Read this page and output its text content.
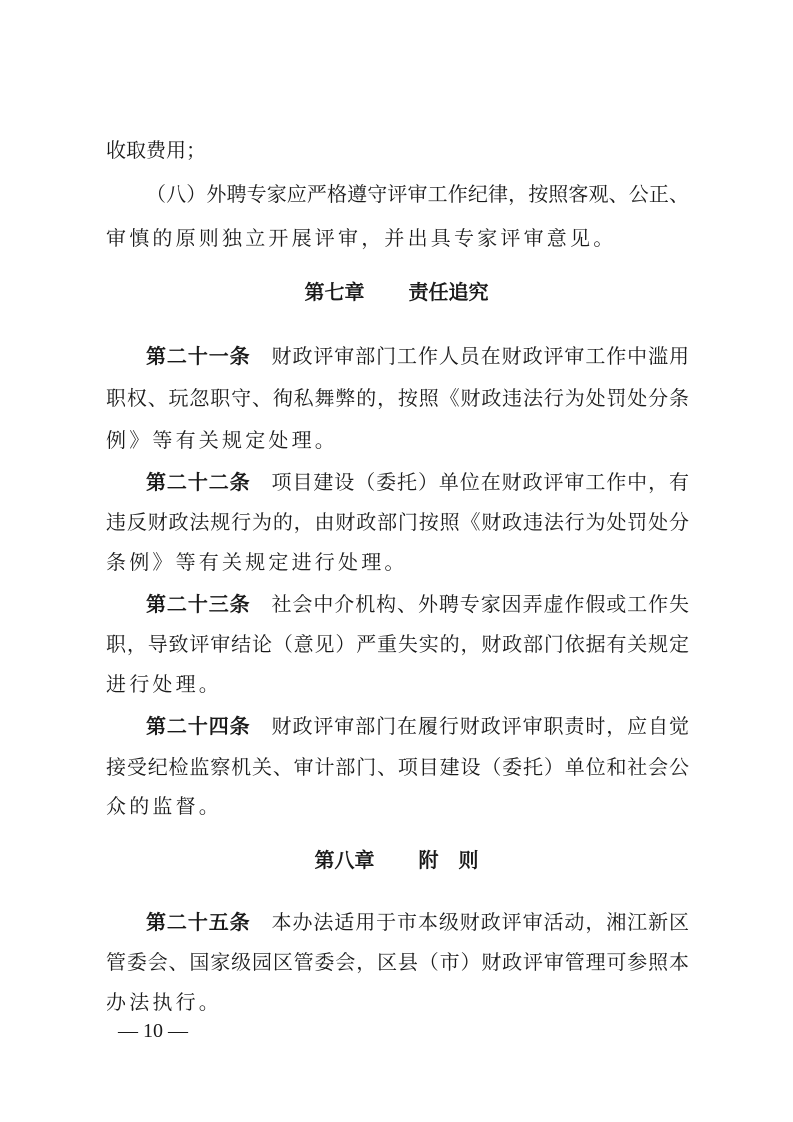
收取费用；
（八）外聘专家应严格遵守评审工作纪律，按照客观、公正、
审慎的原则独立开展评审，并出具专家评审意见。
第七章 责任追究
第二十一条　 财政评审部门工作人员在财政评审工作中滥用
职权、玩忽职守、徇私舞弊的，按照《财政违法行为处罚处分条
例》等有关规定处理。
第二十二条　 项目建设（委托）单位在财政评审工作中，有
违反财政法规行为的，由财政部门按照《财政违法行为处罚处分
条例》等有关规定进行处理。
第二十三条　 社会中介机构、外聘专家因弄虚作假或工作失
职，导致评审结论（意见）严重失实的，财政部门依据有关规定
进行处理。
第二十四条　 财政评审部门在履行财政评审职责时，应自觉
接受纪检监察机关、审计部门、项目建设（委托）单位和社会公
众的监督。
第八章 附 则
第二十五条　 本办法适用于市本级财政评审活动，湘江新区
管委会、国家级园区管委会，区县（市）财政评审管理可参照本
办法执行。
— 10 —
